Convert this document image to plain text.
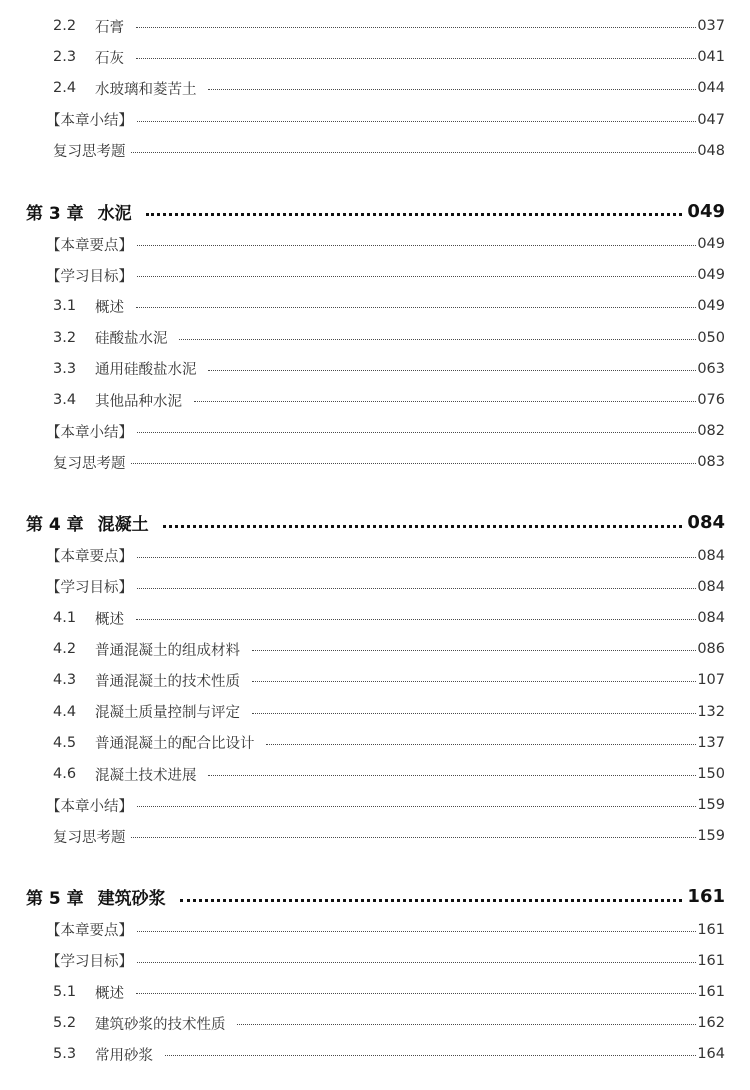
2.2	石膏	037
2.3	石灰	041
2.4	水玻璃和菱苦土	044
【本章小结】	047
复习思考题	048
第 3 章 水泥	049
【本章要点】	049
【学习目标】	049
3.1	概述	049
3.2	硅酸盐水泥	050
3.3	通用硅酸盐水泥	063
3.4	其他品种水泥	076
【本章小结】	082
复习思考题	083
第 4 章 混凝土	084
【本章要点】	084
【学习目标】	084
4.1	概述	084
4.2	普通混凝土的组成材料	086
4.3	普通混凝土的技术性质	107
4.4	混凝土质量控制与评定	132
4.5	普通混凝土的配合比设计	137
4.6	混凝土技术进展	150
【本章小结】	159
复习思考题	159
第 5 章 建筑砂浆	161
【本章要点】	161
【学习目标】	161
5.1	概述	161
5.2	建筑砂浆的技术性质	162
5.3	常用砂浆	164
